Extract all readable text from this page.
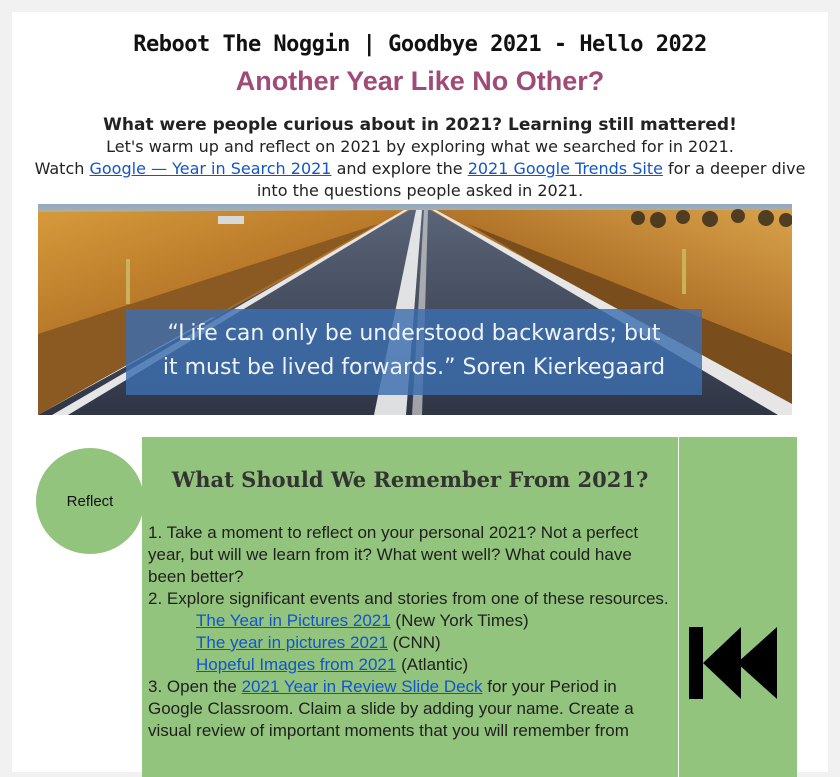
Reboot The Noggin | Goodbye 2021 - Hello 2022
Another Year Like No Other?
What were people curious about in 2021? Learning still mattered!
Let's warm up and reflect on 2021 by exploring what we searched for in 2021.
Watch Google — Year in Search 2021 and explore the 2021 Google Trends Site for a deeper dive into the questions people asked in 2021.
“Life can only be understood backwards; but
it must be lived forwards.” Soren Kierkegaard
Reflect
What Should We Remember From 2021?
1. Take a moment to reflect on your personal 2021? Not a perfect year, but will we learn from it? What went well? What could have been better?
2. Explore significant events and stories from one of these resources.
The Year in Pictures 2021 (New York Times)
The year in pictures 2021 (CNN)
Hopeful Images from 2021 (Atlantic)
3. Open the 2021 Year in Review Slide Deck for your Period in Google Classroom. Claim a slide by adding your name. Create a visual review of important moments that you will remember from
